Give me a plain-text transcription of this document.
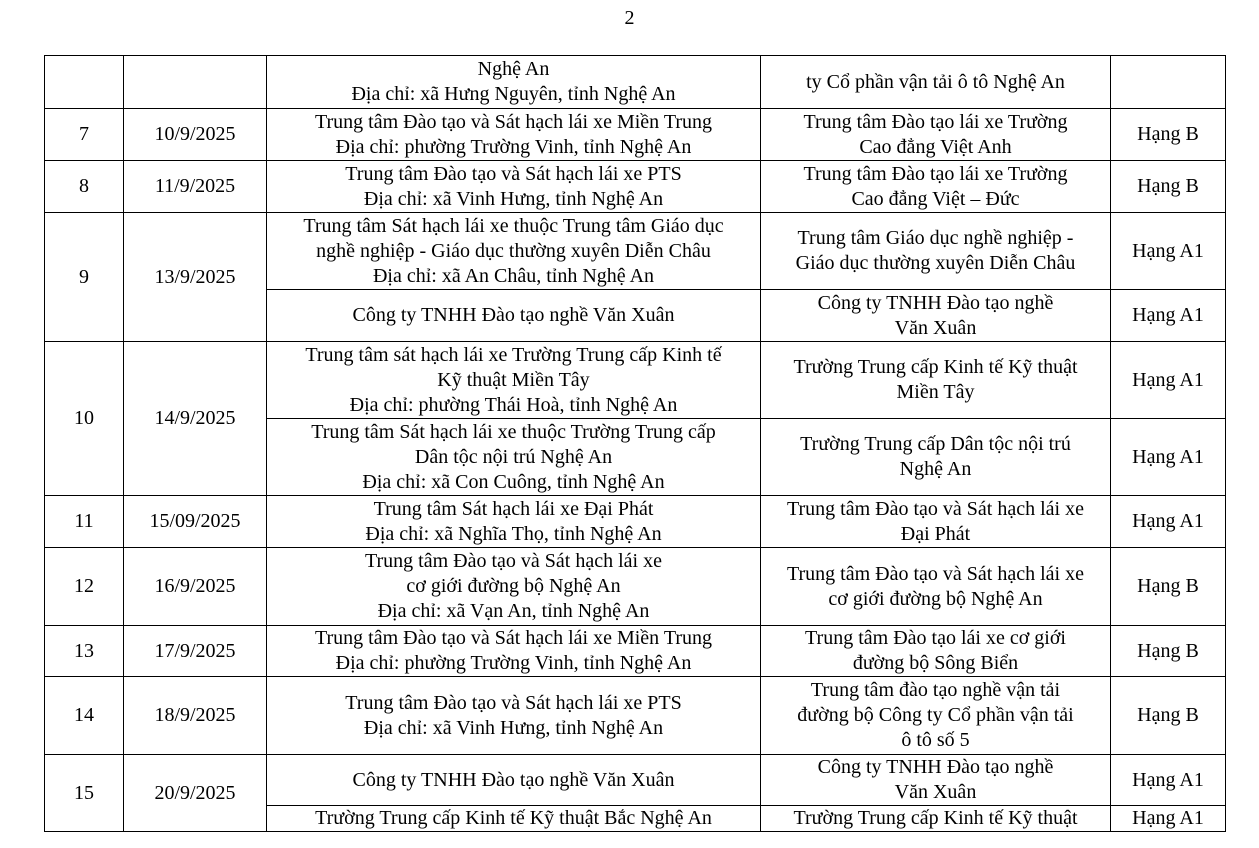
2

		Nghệ An
Địa chỉ: xã Hưng Nguyên, tỉnh Nghệ An	ty Cổ phần vận tải ô tô Nghệ An	

7	10/9/2025	Trung tâm Đào tạo và Sát hạch lái xe Miền Trung
Địa chỉ: phường Trường Vinh, tỉnh Nghệ An	Trung tâm Đào tạo lái xe Trường
Cao đẳng Việt Anh	Hạng B
8	11/9/2025	Trung tâm Đào tạo và Sát hạch lái xe PTS
Địa chỉ: xã Vinh Hưng, tỉnh Nghệ An	Trung tâm Đào tạo lái xe Trường
Cao đẳng Việt – Đức	Hạng B
9	13/9/2025	Trung tâm Sát hạch lái xe thuộc Trung tâm Giáo dục
nghề nghiệp - Giáo dục thường xuyên Diễn Châu
Địa chỉ: xã An Châu, tỉnh Nghệ An	Trung tâm Giáo dục nghề nghiệp -
Giáo dục thường xuyên Diễn Châu	Hạng A1

		Công ty TNHH Đào tạo nghề Văn Xuân	Công ty TNHH Đào tạo nghề
Văn Xuân	Hạng A1
10	14/9/2025	Trung tâm sát hạch lái xe Trường Trung cấp Kinh tế
Kỹ thuật Miền Tây
Địa chỉ: phường Thái Hoà, tỉnh Nghệ An	Trường Trung cấp Kinh tế Kỹ thuật
Miền Tây	Hạng A1

		Trung tâm Sát hạch lái xe thuộc Trường Trung cấp
Dân tộc nội trú Nghệ An
Địa chỉ: xã Con Cuông, tỉnh Nghệ An	Trường Trung cấp Dân tộc nội trú
Nghệ An	Hạng A1
11	15/09/2025	Trung tâm Sát hạch lái xe Đại Phát
Địa chỉ: xã Nghĩa Thọ, tỉnh Nghệ An	Trung tâm Đào tạo và Sát hạch lái xe
Đại Phát	Hạng A1
12	16/9/2025	Trung tâm Đào tạo và Sát hạch lái xe
cơ giới đường bộ Nghệ An
Địa chỉ: xã Vạn An, tỉnh Nghệ An	Trung tâm Đào tạo và Sát hạch lái xe
cơ giới đường bộ Nghệ An	Hạng B
13	17/9/2025	Trung tâm Đào tạo và Sát hạch lái xe Miền Trung
Địa chỉ: phường Trường Vinh, tỉnh Nghệ An	Trung tâm Đào tạo lái xe cơ giới
đường bộ Sông Biển	Hạng B
14	18/9/2025	Trung tâm Đào tạo và Sát hạch lái xe PTS
Địa chỉ: xã Vinh Hưng, tỉnh Nghệ An	Trung tâm đào tạo nghề vận tải
đường bộ Công ty Cổ phần vận tải
ô tô số 5	Hạng B
15	20/9/2025	Công ty TNHH Đào tạo nghề Văn Xuân	Công ty TNHH Đào tạo nghề
Văn Xuân	Hạng A1

		Trường Trung cấp Kinh tế Kỹ thuật Bắc Nghệ An	Trường Trung cấp Kinh tế Kỹ thuật	Hạng A1
